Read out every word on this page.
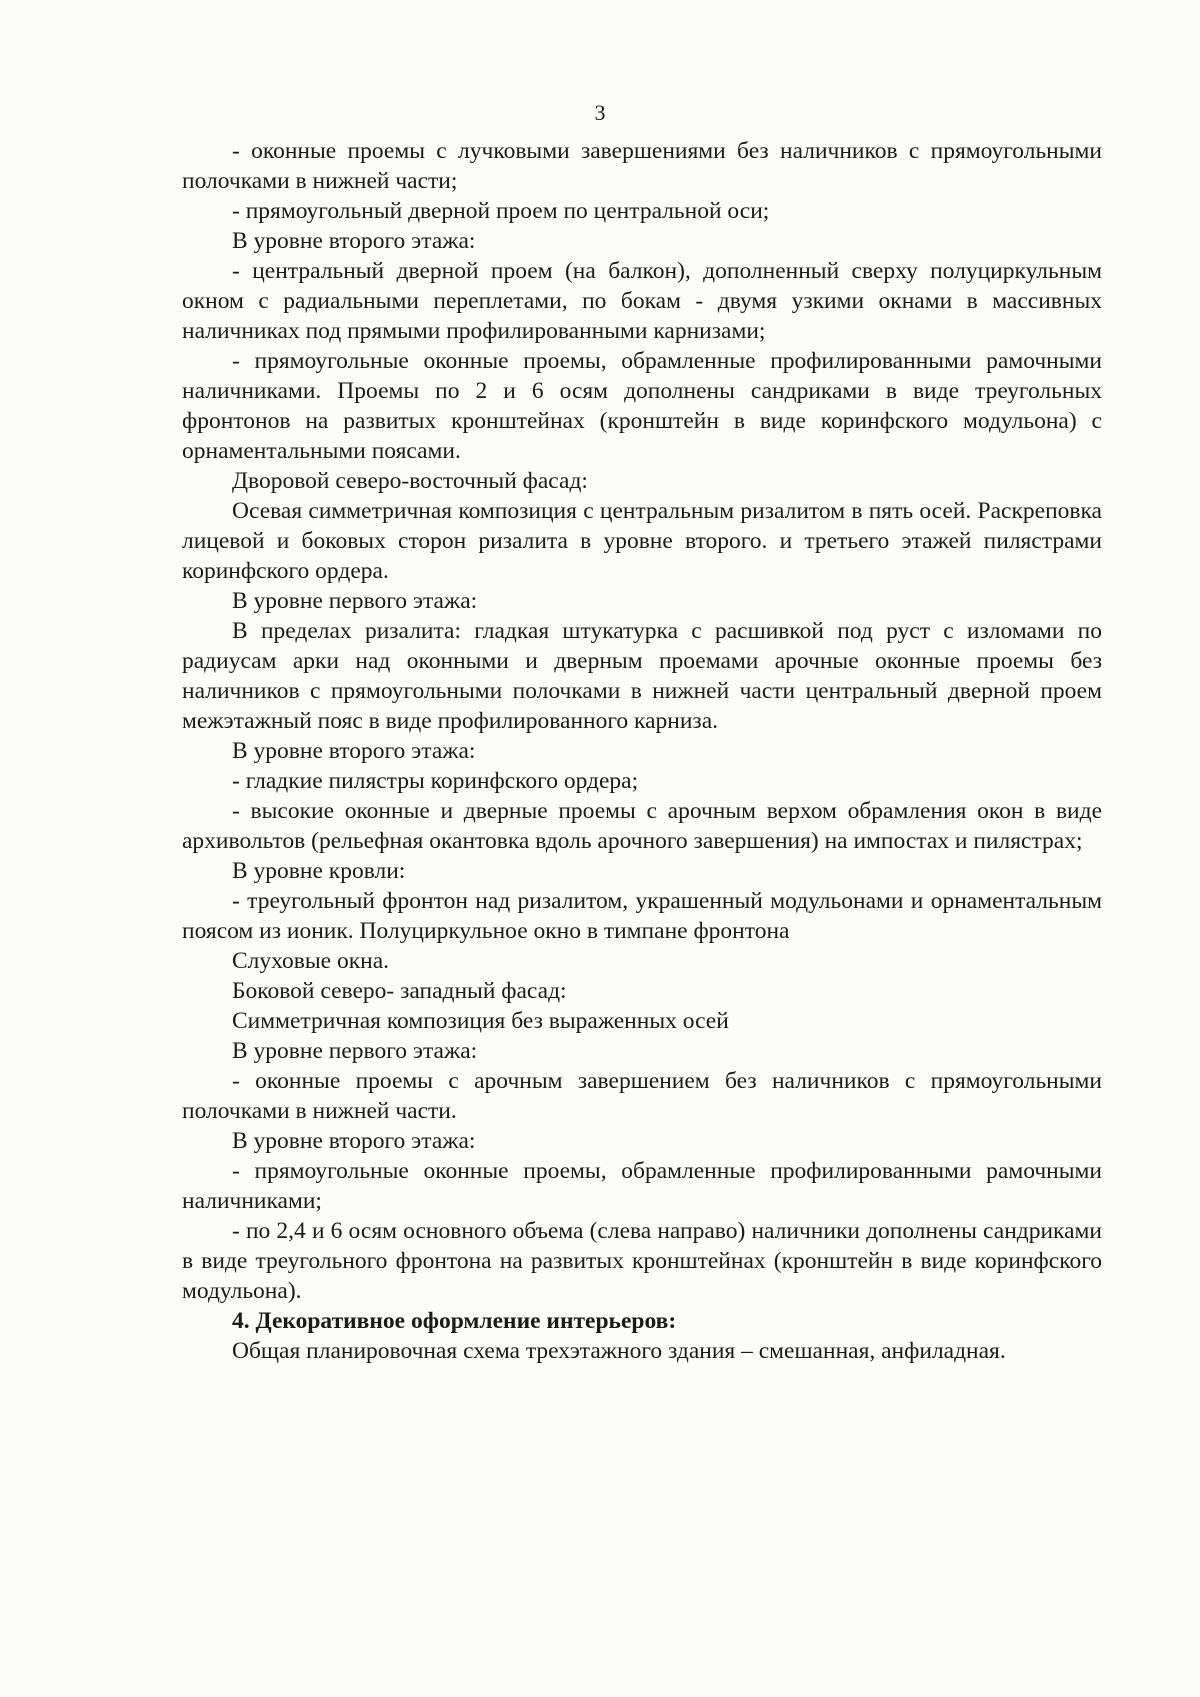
3

- оконные проемы с лучковыми завершениями без наличников с прямоугольными полочками в нижней части;

- прямоугольный дверной проем по центральной оси;

В уровне второго этажа:

- центральный дверной проем (на балкон), дополненный сверху полуциркульным окном с радиальными переплетами, по бокам - двумя узкими окнами в массивных наличниках под прямыми профилированными карнизами;

- прямоугольные оконные проемы, обрамленные профилированными рамочными наличниками. Проемы по 2 и 6 осям дополнены сандриками в виде треугольных фронтонов на развитых кронштейнах (кронштейн в виде коринфского модульона) с орнаментальными поясами.

Дворовой северо-восточный фасад:

Осевая симметричная композиция с центральным ризалитом в пять осей. Раскреповка лицевой и боковых сторон ризалита в уровне второго. и третьего этажей пилястрами коринфского ордера.

В уровне первого этажа:

В пределах ризалита: гладкая штукатурка с расшивкой под руст с изломами по радиусам арки над оконными и дверным проемами арочные оконные проемы без наличников с прямоугольными полочками в нижней части центральный дверной проем межэтажный пояс в виде профилированного карниза.

В уровне второго этажа:

- гладкие пилястры коринфского ордера;

- высокие оконные и дверные проемы с арочным верхом обрамления окон в виде архивольтов (рельефная окантовка вдоль арочного завершения) на импостах и пилястрах;

В уровне кровли:

- треугольный фронтон над ризалитом, украшенный модульонами и орнаментальным поясом из ионик. Полуциркульное окно в тимпане фронтона

Слуховые окна.

Боковой северо- западный фасад:

Симметричная композиция без выраженных осей

В уровне первого этажа:

- оконные проемы с арочным завершением без наличников с прямоугольными полочками в нижней части.

В уровне второго этажа:

- прямоугольные оконные проемы, обрамленные профилированными рамочными наличниками;

- по 2,4 и 6 осям основного объема (слева направо) наличники дополнены сандриками в виде треугольного фронтона на развитых кронштейнах (кронштейн в виде коринфского модульона).

4. Декоративное оформление интерьеров:

Общая планировочная схема трехэтажного здания – смешанная, анфиладная.
